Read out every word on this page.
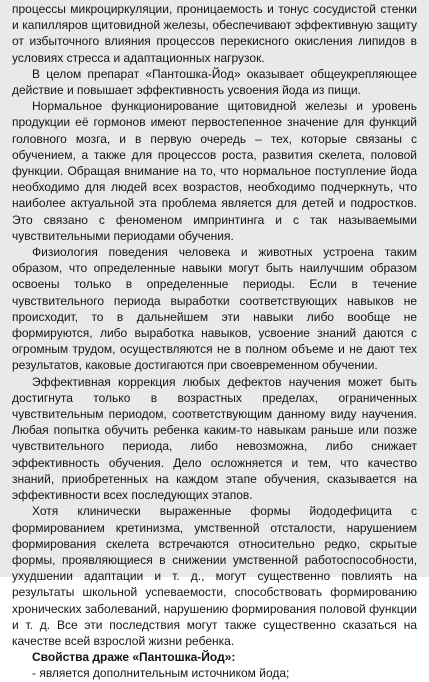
процессы микроциркуляции, проницаемость и тонус сосудистой стенки и капилляров щитовидной железы, обеспечивают эффективную защиту от избыточного влияния процессов перекисного окисления липидов в условиях стресса и адаптационных нагрузок.

В целом препарат «Пантошка-Йод» оказывает общеукрепляющее действие и повышает эффективность усвоения йода из пищи.

Нормальное функционирование щитовидной железы и уровень продукции её гормонов имеют первостепенное значение для функций головного мозга, и в первую очередь – тех, которые связаны с обучением, а также для процессов роста, развития скелета, половой функции. Обращая внимание на то, что нормальное поступление йода необходимо для людей всех возрастов, необходимо подчеркнуть, что наиболее актуальной эта проблема является для детей и подростков. Это связано с феноменом импринтинга и с так называемыми чувствительными периодами обучения.

Физиология поведения человека и животных устроена таким образом, что определенные навыки могут быть наилучшим образом освоены только в определенные периоды. Если в течение чувствительного периода выработки соответствующих навыков не происходит, то в дальнейшем эти навыки либо вообще не формируются, либо выработка навыков, усвоение знаний даются с огромным трудом, осуществляются не в полном объеме и не дают тех результатов, каковые достигаются при своевременном обучении.

Эффективная коррекция любых дефектов научения может быть достигнута только в возрастных пределах, ограниченных чувствительным периодом, соответствующим данному виду научения. Любая попытка обучить ребенка каким-то навыкам раньше или позже чувствительного периода, либо невозможна, либо снижает эффективность обучения. Дело осложняется и тем, что качество знаний, приобретенных на каждом этапе обучения, сказывается на эффективности всех последующих этапов.

Хотя клинически выраженные формы йододефицита с формированием кретинизма, умственной отсталости, нарушением формирования скелета встречаются относительно редко, скрытые формы, проявляющиеся в снижении умственной работоспособности, ухудшении адаптации и т. д., могут существенно повлиять на результаты школьной успеваемости, способствовать формированию хронических заболеваний, нарушению формирования половой функции и т. д. Все эти последствия могут также существенно сказаться на качестве всей взрослой жизни ребенка.

Свойства драже «Пантошка-Йод»:

- является дополнительным источником йода;
